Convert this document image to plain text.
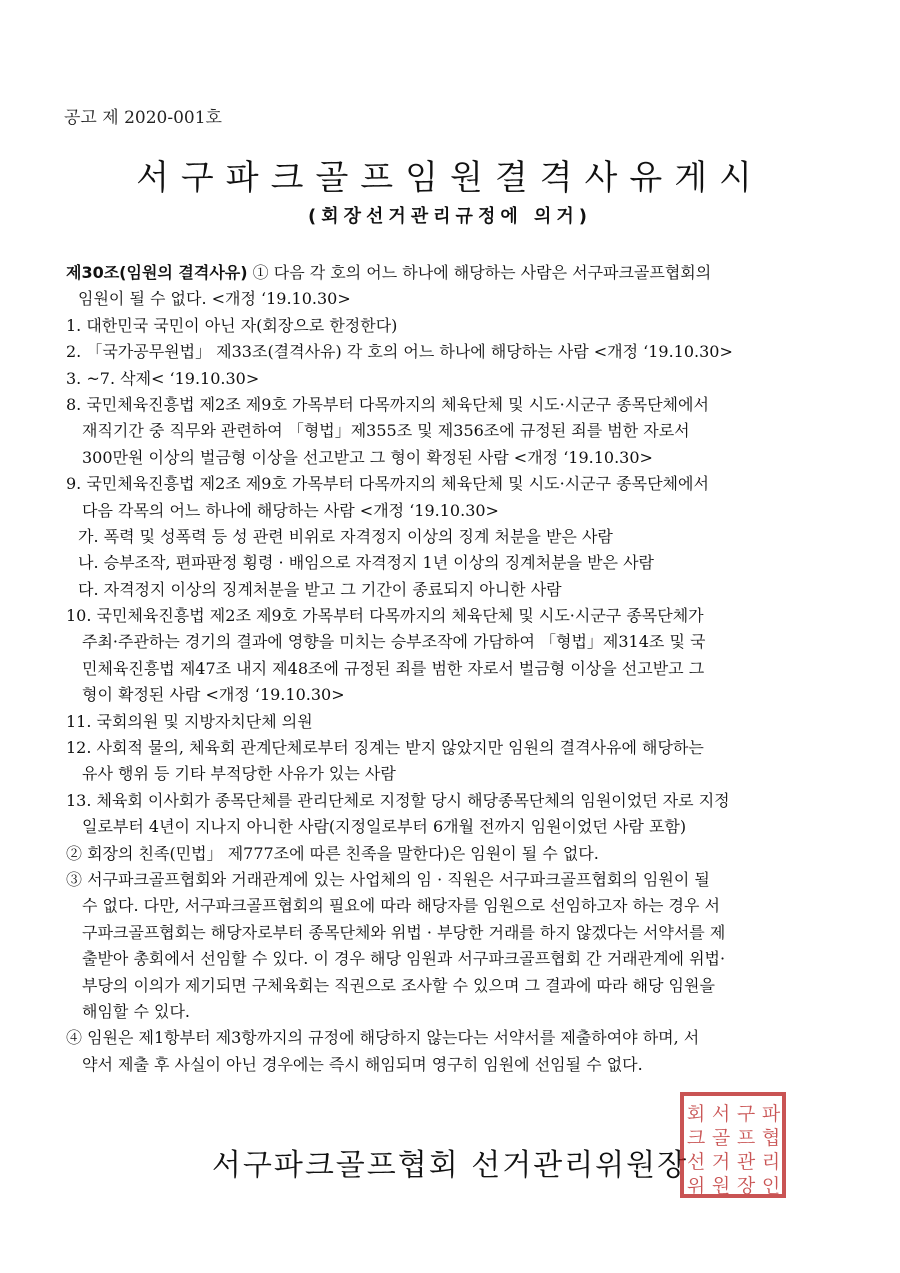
공고 제 2020-001호
서구파크골프임원결격사유게시
(회장선거관리규정에 의거)
제30조(임원의 결격사유) ① 다음 각 호의 어느 하나에 해당하는 사람은 서구파크골프협회의
임원이 될 수 없다. <개정 ‘19.10.30>
1. 대한민국 국민이 아닌 자(회장으로 한정한다)
2. 「국가공무원법」 제33조(결격사유) 각 호의 어느 하나에 해당하는 사람 <개정 ‘19.10.30>
3. ~7. 삭제< ‘19.10.30>
8. 국민체육진흥법 제2조 제9호 가목부터 다목까지의 체육단체 및 시도·시군구 종목단체에서
재직기간 중 직무와 관련하여 「형법」제355조 및 제356조에 규정된 죄를 범한 자로서
300만원 이상의 벌금형 이상을 선고받고 그 형이 확정된 사람 <개정 ‘19.10.30>
9. 국민체육진흥법 제2조 제9호 가목부터 다목까지의 체육단체 및 시도·시군구 종목단체에서
다음 각목의 어느 하나에 해당하는 사람 <개정 ‘19.10.30>
가. 폭력 및 성폭력 등 성 관련 비위로 자격정지 이상의 징계 처분을 받은 사람
나. 승부조작, 편파판정 횡령 · 배임으로 자격정지 1년 이상의 징계처분을 받은 사람
다. 자격정지 이상의 징계처분을 받고 그 기간이 종료되지 아니한 사람
10. 국민체육진흥법 제2조 제9호 가목부터 다목까지의 체육단체 및 시도·시군구 종목단체가
주최·주관하는 경기의 결과에 영향을 미치는 승부조작에 가담하여 「형법」제314조 및 국
민체육진흥법 제47조 내지 제48조에 규정된 죄를 범한 자로서 벌금형 이상을 선고받고 그
형이 확정된 사람 <개정 ‘19.10.30>
11. 국회의원 및 지방자치단체 의원
12. 사회적 물의, 체육회 관계단체로부터 징계는 받지 않았지만 임원의 결격사유에 해당하는
유사 행위 등 기타 부적당한 사유가 있는 사람
13. 체육회 이사회가 종목단체를 관리단체로 지정할 당시 해당종목단체의 임원이었던 자로 지정
일로부터 4년이 지나지 아니한 사람(지정일로부터 6개월 전까지 임원이었던 사람 포함)
② 회장의 친족(민법」 제777조에 따른 친족을 말한다)은 임원이 될 수 없다.
③ 서구파크골프협회와 거래관계에 있는 사업체의 임 · 직원은 서구파크골프협회의 임원이 될
수 없다. 다만, 서구파크골프협회의 필요에 따라 해당자를 임원으로 선임하고자 하는 경우 서
구파크골프협회는 해당자로부터 종목단체와 위법 · 부당한 거래를 하지 않겠다는 서약서를 제
출받아 총회에서 선임할 수 있다. 이 경우 해당 임원과 서구파크골프협회 간 거래관계에 위법·
부당의 이의가 제기되면 구체육회는 직권으로 조사할 수 있으며 그 결과에 따라 해당 임원을
해임할 수 있다.
④ 임원은 제1항부터 제3항까지의 규정에 해당하지 않는다는 서약서를 제출하여야 하며, 서
약서 제출 후 사실이 아닌 경우에는 즉시 해임되며 영구히 임원에 선임될 수 없다.
서구파크골프협회 선거관리위원장
회 서 구 파
크 골 프 협
선 거 관 리
위 원 장 인
